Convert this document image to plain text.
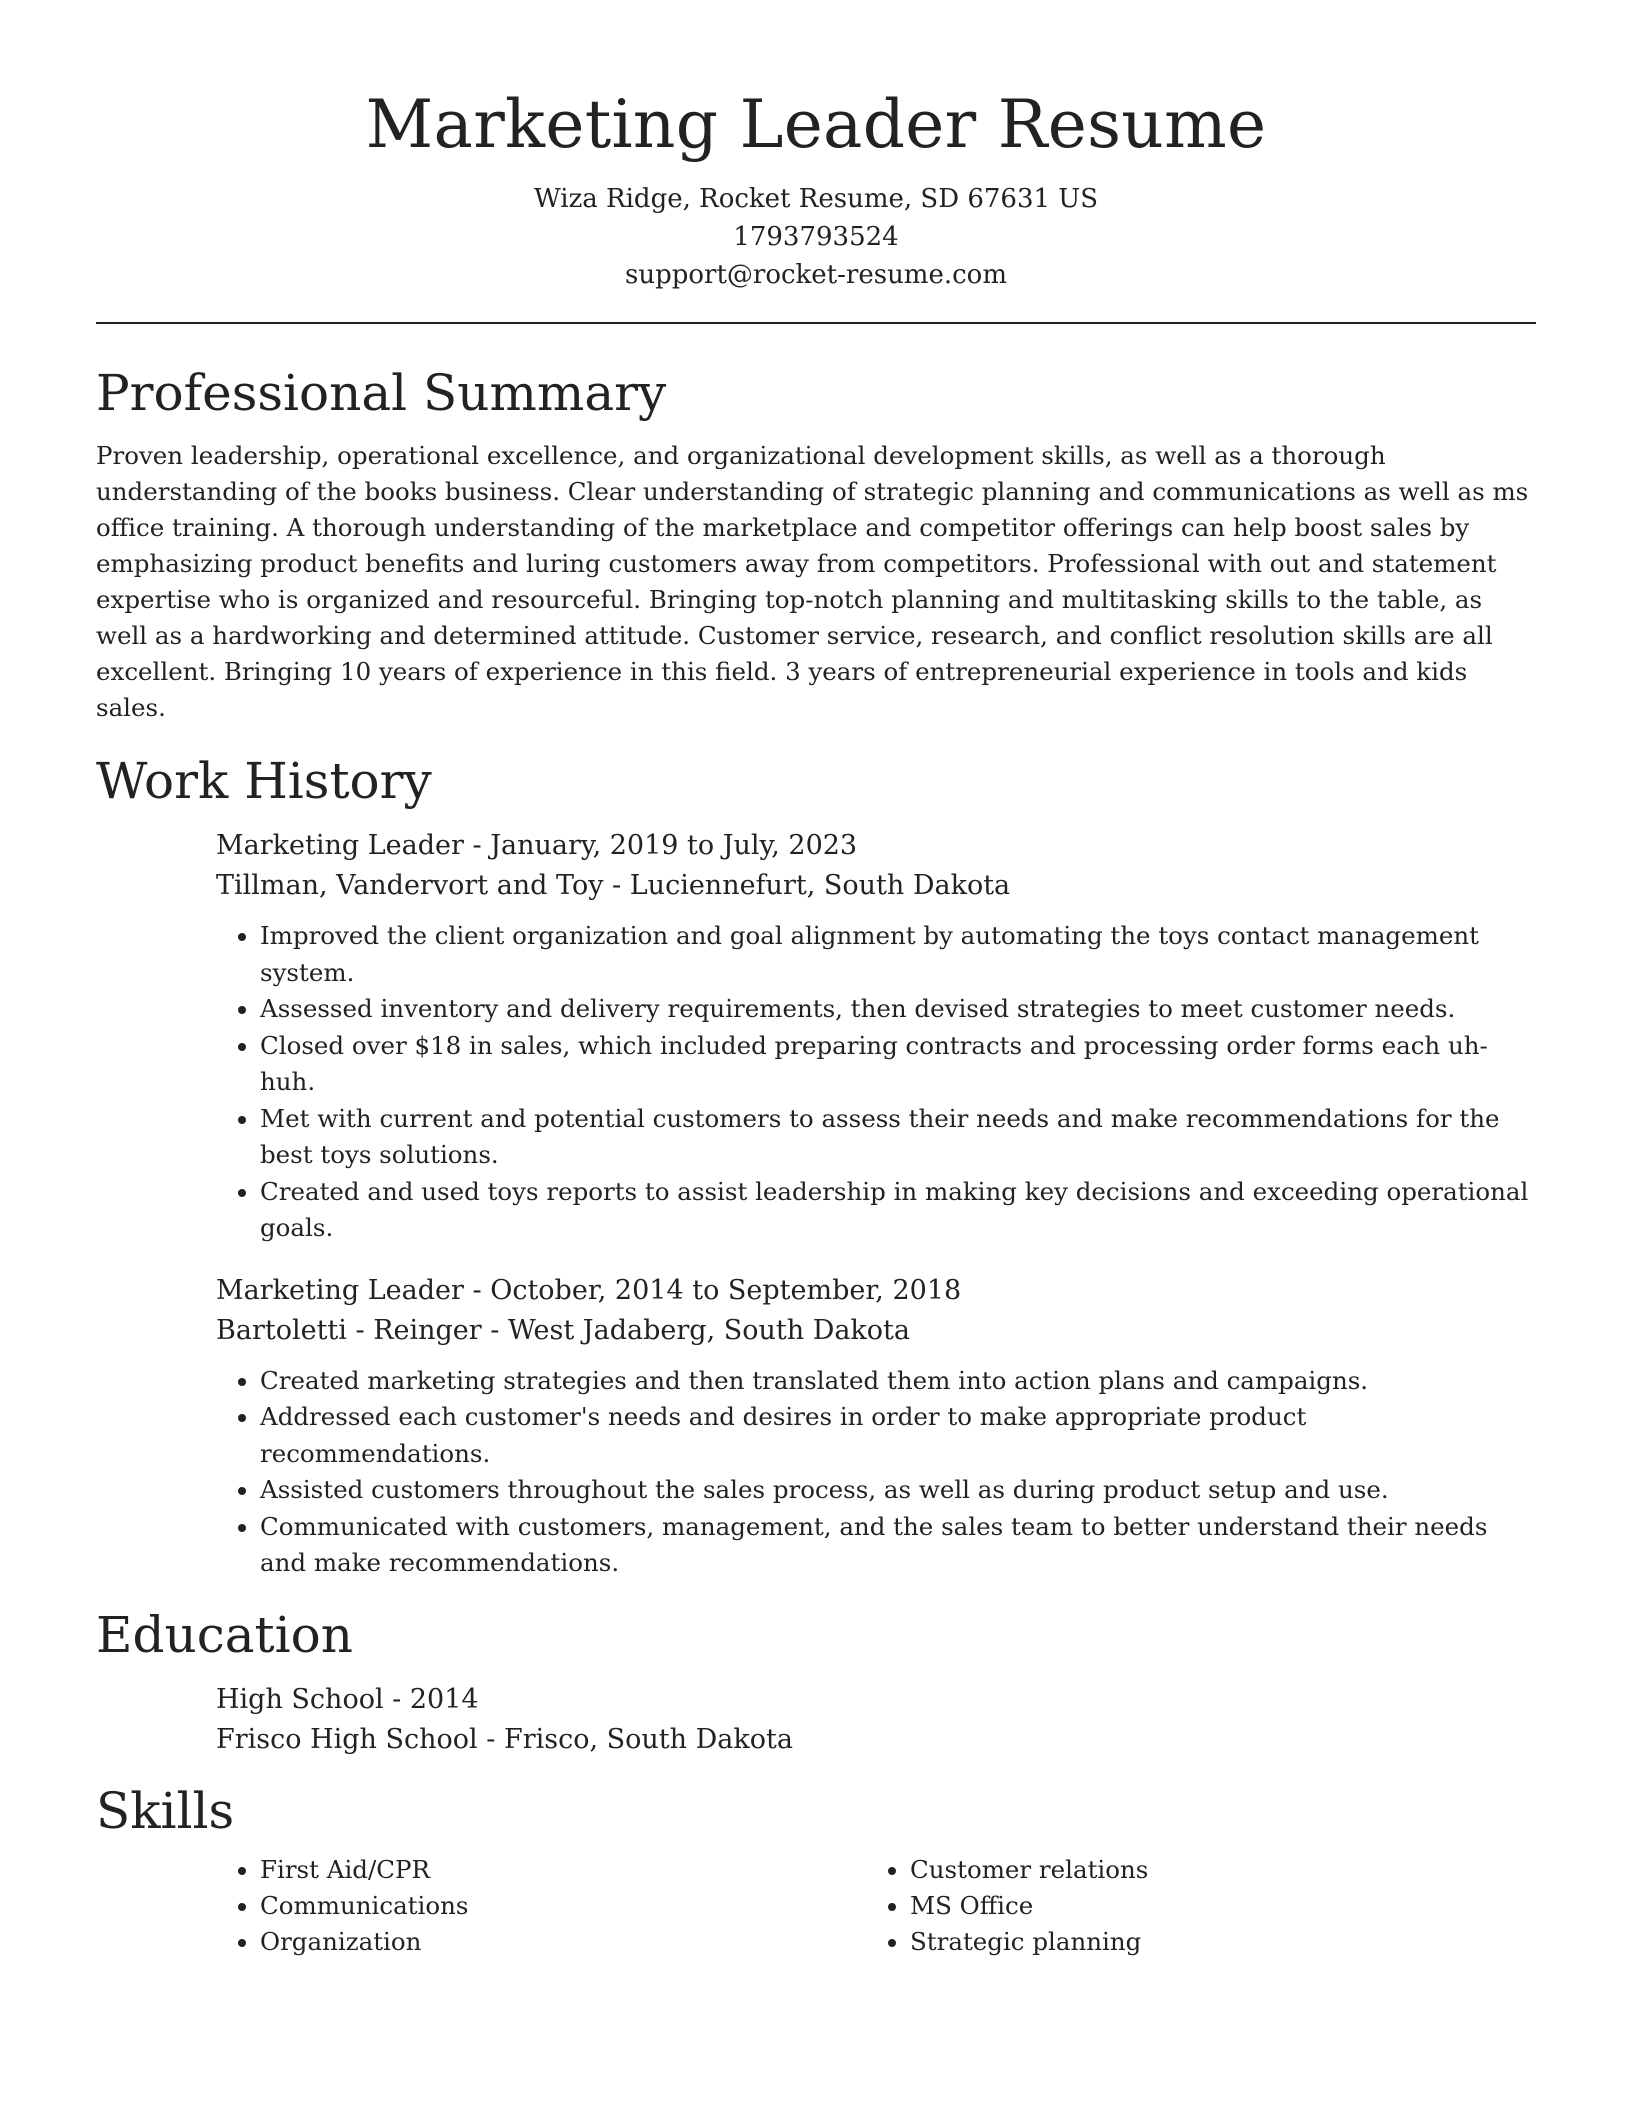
Marketing Leader Resume
Wiza Ridge, Rocket Resume, SD 67631 US
1793793524
support@rocket-resume.com
Professional Summary

Proven leadership, operational excellence, and organizational development skills, as well as a thorough understanding of the books business. Clear understanding of strategic planning and communications as well as ms office training. A thorough understanding of the marketplace and competitor offerings can help boost sales by emphasizing product benefits and luring customers away from competitors. Professional with out and statement expertise who is organized and resourceful. Bringing top-notch planning and multitasking skills to the table, as well as a hardworking and determined attitude. Customer service, research, and conflict resolution skills are all excellent. Bringing 10 years of experience in this field. 3 years of entrepreneurial experience in tools and kids sales.

Work History
Marketing Leader - January, 2019 to July, 2023
Tillman, Vandervort and Toy - Luciennefurt, South Dakota
• Improved the client organization and goal alignment by automating the toys contact management system.
• Assessed inventory and delivery requirements, then devised strategies to meet customer needs.
• Closed over $18 in sales, which included preparing contracts and processing order forms each uh-huh.
• Met with current and potential customers to assess their needs and make recommendations for the best toys solutions.
• Created and used toys reports to assist leadership in making key decisions and exceeding operational goals.
Marketing Leader - October, 2014 to September, 2018
Bartoletti - Reinger - West Jadaberg, South Dakota
• Created marketing strategies and then translated them into action plans and campaigns.
• Addressed each customer's needs and desires in order to make appropriate product recommendations.
• Assisted customers throughout the sales process, as well as during product setup and use.
• Communicated with customers, management, and the sales team to better understand their needs and make recommendations.
Education
High School - 2014
Frisco High School - Frisco, South Dakota
Skills
• First Aid/CPR
• Communications
• Organization
• Customer relations
• MS Office
• Strategic planning
